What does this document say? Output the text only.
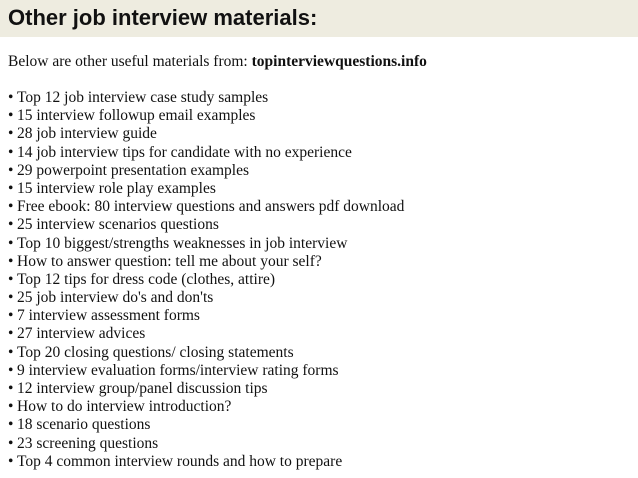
Other job interview materials:

Below are other useful materials from: topinterviewquestions.info

• Top 12 job interview case study samples
• 15 interview followup email examples
• 28 job interview guide
• 14 job interview tips for candidate with no experience
• 29 powerpoint presentation examples
• 15 interview role play examples
• Free ebook: 80 interview questions and answers pdf download
• 25 interview scenarios questions
• Top 10 biggest/strengths weaknesses in job interview
• How to answer question: tell me about your self?
• Top 12 tips for dress code (clothes, attire)
• 25 job interview do's and don'ts
• 7 interview assessment forms
• 27 interview advices
• Top 20 closing questions/ closing statements
• 9 interview evaluation forms/interview rating forms
• 12 interview group/panel discussion tips
• How to do interview introduction?
• 18 scenario questions
• 23 screening questions
• Top 4 common interview rounds and how to prepare
